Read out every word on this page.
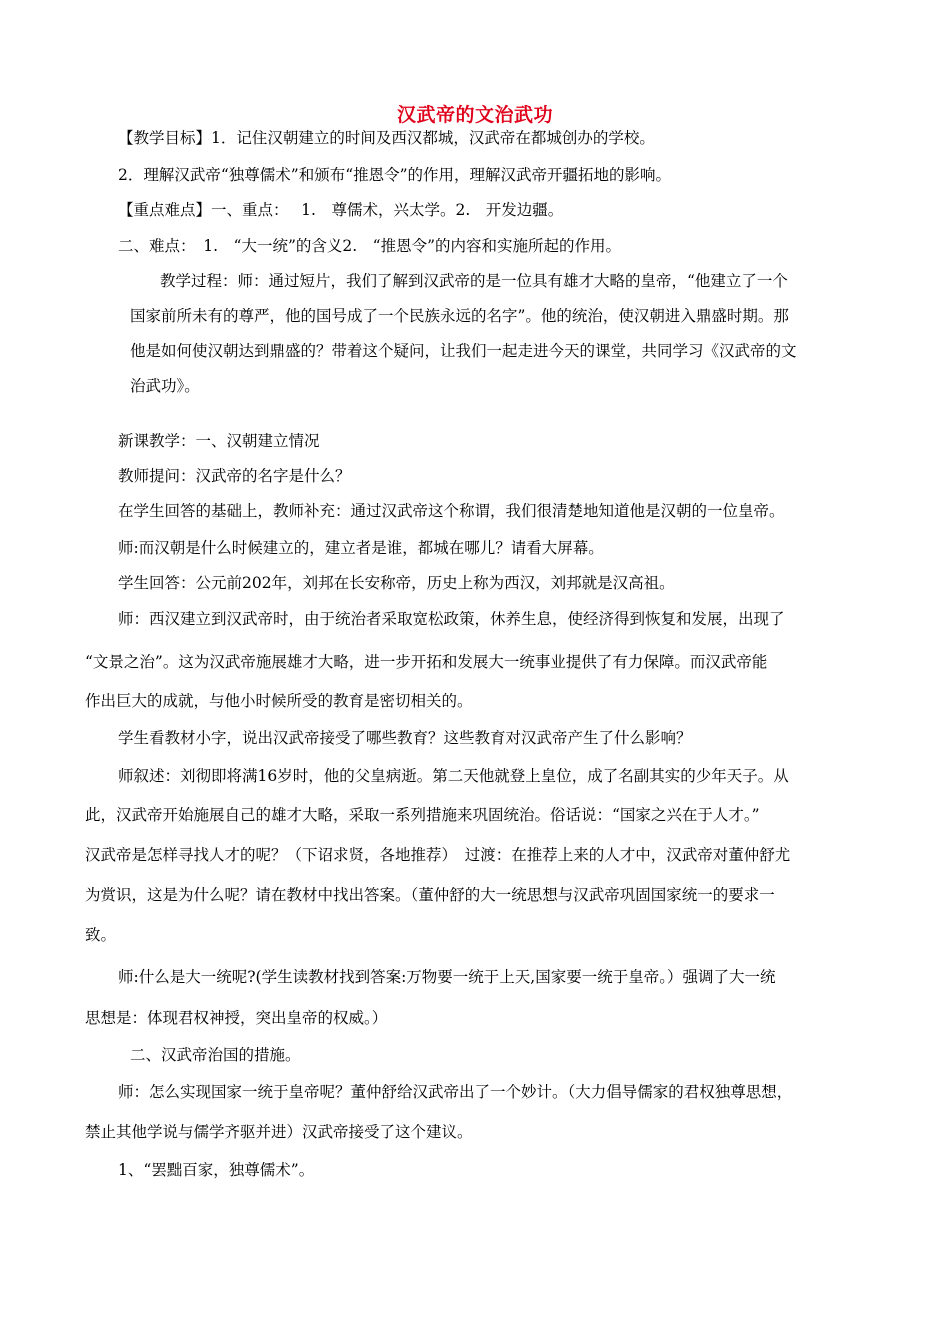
汉武帝的文治武功
【教学目标】1．记住汉朝建立的时间及西汉都城，汉武帝在都城创办的学校。
2．理解汉武帝“独尊儒术”和颁布“推恩令”的作用，理解汉武帝开疆拓地的影响。
【重点难点】一、重点：　 1.　尊儒术，兴太学。2.　开发边疆。
二、难点：　1.　“大一统”的含义2.　“推恩令”的内容和实施所起的作用。
教学过程：师：通过短片，我们了解到汉武帝的是一位具有雄才大略的皇帝，“他建立了一个
国家前所未有的尊严，他的国号成了一个民族永远的名字”。他的统治，使汉朝进入鼎盛时期。那
他是如何使汉朝达到鼎盛的？带着这个疑问，让我们一起走进今天的课堂，共同学习《汉武帝的文
治武功》。
新课教学：一、汉朝建立情况
教师提问：汉武帝的名字是什么？
在学生回答的基础上，教师补充：通过汉武帝这个称谓，我们很清楚地知道他是汉朝的一位皇帝。
师:而汉朝是什么时候建立的，建立者是谁，都城在哪儿？请看大屏幕。
学生回答：公元前202年，刘邦在长安称帝，历史上称为西汉，刘邦就是汉高祖。
师：西汉建立到汉武帝时，由于统治者采取宽松政策，休养生息，使经济得到恢复和发展，出现了
“文景之治”。这为汉武帝施展雄才大略，进一步开拓和发展大一统事业提供了有力保障。而汉武帝能
作出巨大的成就，与他小时候所受的教育是密切相关的。
学生看教材小字，说出汉武帝接受了哪些教育？这些教育对汉武帝产生了什么影响？
师叙述：刘彻即将满16岁时，他的父皇病逝。第二天他就登上皇位，成了名副其实的少年天子。从
此，汉武帝开始施展自己的雄才大略，采取一系列措施来巩固统治。俗话说：“国家之兴在于人才。”
汉武帝是怎样寻找人才的呢？（下诏求贤，各地推荐）　过渡：在推荐上来的人才中，汉武帝对董仲舒尤
为赏识，这是为什么呢？请在教材中找出答案。（董仲舒的大一统思想与汉武帝巩固国家统一的要求一
致。
师:什么是大一统呢?(学生读教材找到答案:万物要一统于上天,国家要一统于皇帝。）强调了大一统
思想是：体现君权神授，突出皇帝的权威。）
二、汉武帝治国的措施。
师：怎么实现国家一统于皇帝呢？董仲舒给汉武帝出了一个妙计。（大力倡导儒家的君权独尊思想，
禁止其他学说与儒学齐驱并进）汉武帝接受了这个建议。
1、“罢黜百家，独尊儒术”。
